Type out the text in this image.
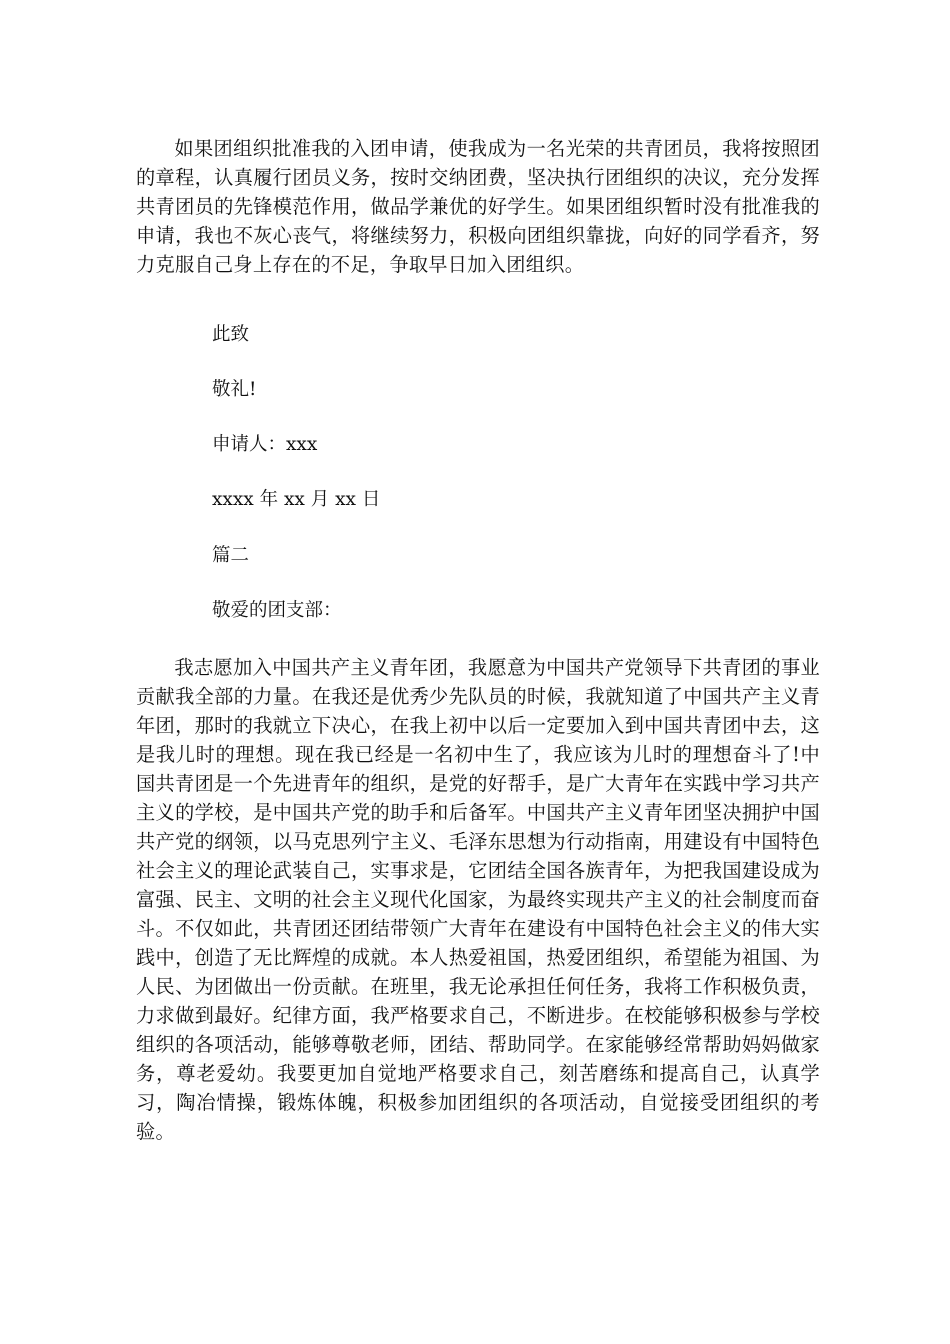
如果团组织批准我的入团申请，使我成为一名光荣的共青团员，我将按照团的章程，认真履行团员义务，按时交纳团费，坚决执行团组织的决议，充分发挥共青团员的先锋模范作用，做品学兼优的好学生。如果团组织暂时没有批准我的申请，我也不灰心丧气，将继续努力，积极向团组织靠拢，向好的同学看齐，努力克服自己身上存在的不足，争取早日加入团组织。

此致

敬礼!

申请人：xxx

xxxx 年 xx 月 xx 日

篇二

敬爱的团支部：

我志愿加入中国共产主义青年团，我愿意为中国共产党领导下共青团的事业贡献我全部的力量。在我还是优秀少先队员的时候，我就知道了中国共产主义青年团，那时的我就立下决心，在我上初中以后一定要加入到中国共青团中去，这是我儿时的理想。现在我已经是一名初中生了，我应该为儿时的理想奋斗了!中国共青团是一个先进青年的组织，是党的好帮手，是广大青年在实践中学习共产主义的学校，是中国共产党的助手和后备军。中国共产主义青年团坚决拥护中国共产党的纲领，以马克思列宁主义、毛泽东思想为行动指南，用建设有中国特色社会主义的理论武装自己，实事求是，它团结全国各族青年，为把我国建设成为富强、民主、文明的社会主义现代化国家，为最终实现共产主义的社会制度而奋斗。不仅如此，共青团还团结带领广大青年在建设有中国特色社会主义的伟大实践中，创造了无比辉煌的成就。本人热爱祖国，热爱团组织，希望能为祖国、为人民、为团做出一份贡献。在班里，我无论承担任何任务，我将工作积极负责，力求做到最好。纪律方面，我严格要求自己，不断进步。在校能够积极参与学校组织的各项活动，能够尊敬老师，团结、帮助同学。在家能够经常帮助妈妈做家务，尊老爱幼。我要更加自觉地严格要求自己，刻苦磨练和提高自己，认真学习，陶冶情操，锻炼体魄，积极参加团组织的各项活动，自觉接受团组织的考验。
